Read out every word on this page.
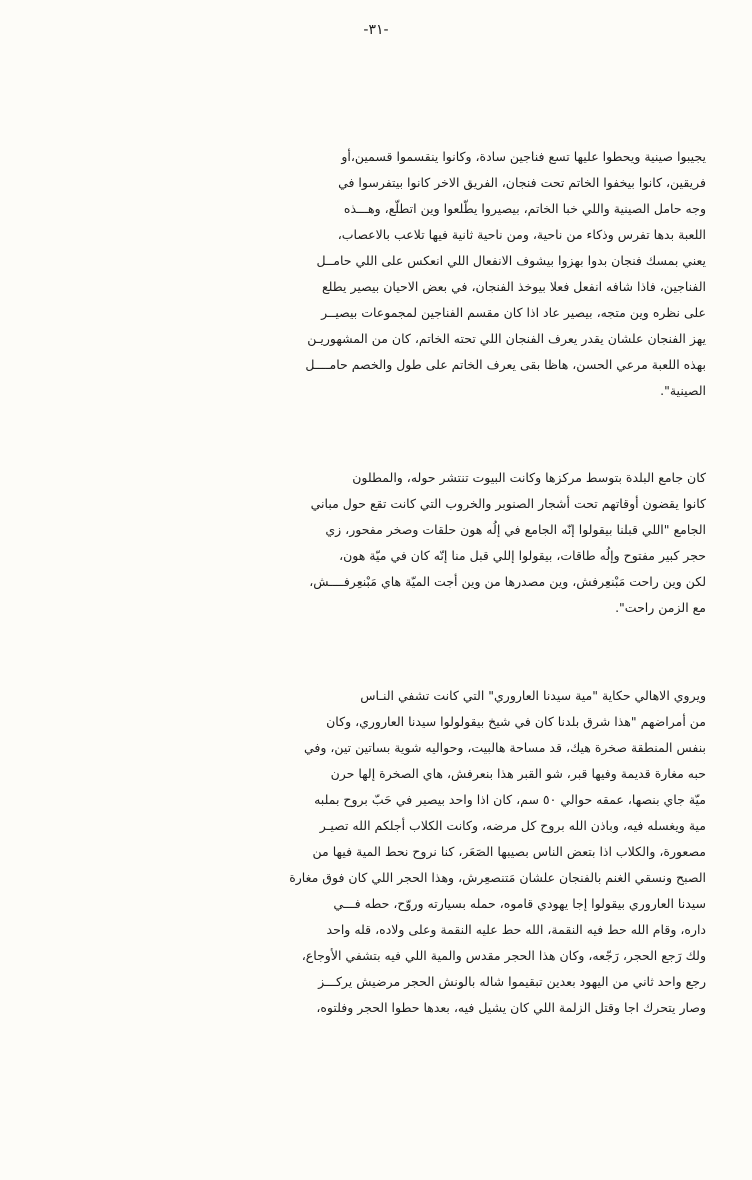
-٣١-
يجيبوا صينية ويحطوا عليها تسع فناجين سادة، وكانوا ينقسموا قسمين،أو
فريقين، كانوا بيخفوا الخاتم تحت فنجان، الفريق الاخر كانوا بيتفرسوا في
وجه حامل الصينية واللي خبا الخاتم، بيصيروا يطّلعوا وين اتطلّع، وهـــذه
اللعبة بدها تفرس وذكاء من ناحية، ومن ناحية ثانية فيها تلاعب بالاعصاب،
يعني بمسك فنجان بدوا بهزوا بيشوف الانفعال اللي انعكس على اللي حامــل
الفناجين، فاذا شافه انفعل فعلا بيوخذ الفنجان، في بعض الاحيان بيصير يطلع
على نظره وين متجه، بيصير عاد اذا كان مقسم الفناجين لمجموعات بيصيــر
يهز الفنجان علشان يقدر يعرف الفنجان اللي تحته الخاتم، كان من المشهوريـن
بهذه اللعبة مرعي الحسن، هاظا بقى يعرف الخاتم على طول والخصم حامــــل
الصينية".
كان جامع البلدة بتوسط مركزها وكانت البيوت تنتشر حوله، والمطلون
كانوا يقضون أوقاتهم تحت أشجار الصنوبر والخروب التي كانت تقع حول مباني
الجامع "اللي قبلنا بيقولوا إنّه الجامع في إلُه هون حلقات وصخر مفحور، زي
حجر كبير مفتوح وإلُه طاقات، بيقولوا إللي قبل منا إنّه كان في ميّة هون،
لكن وين راحت مَبْنعِرفش، وين مصدرها من وين أجت الميّة هاي مَبْنعِرفــــش،
مع الزمن راحت".
ويروي الاهالي حكاية "مية سيدنا العاروري" التي كانت تشفي النـاس
من أمراضهم "هذا شرق بلدنا كان في شيخ بيقولولوا سيدنا العاروري، وكان
بنفس المنطقة صخرة هيك، قد مساحة هالبيت، وحواليه شوية بساتين تين، وفي
حبه مغارة قديمة وفيها قبر، شو القبر هذا بنعرفش، هاي الصخرة إلها حرن
ميّة جاي بنصها، عمقه حوالي ٥٠ سم، كان اذا واحد بيصير في حَبّ بروح بملبه
مية ويغسله فيه، وباذن الله بروح كل مرضه، وكانت الكلاب أجلكم الله تصيـر
مصعورة، والكلاب اذا بتعض الناس بصيبها الصَعَر، كنا نروح نحط المية فيها من
الصبح ونسقي الغنم بالفنجان علشان مَتنصعِرش، وهذا الحجر اللي كان فوق مغارة
سيدنا العاروري بيقولوا إجا يهودي قاموه، حمله بسيارته وروّح، حطه فـــي
داره، وقام الله حط فيه النقمة، الله حط عليه النقمة وعلى ولاده، قله واحد
ولك رَجع الحجر، رَجّعه، وكان هذا الحجر مقدس والمية اللي فيه بتشفي الأوجاع،
رجع واحد ثاني من اليهود بعدين تبقيموا شاله بالونش الحجر مرضيش يركـــز
وصار يتحرك اجا وقتل الزلمة اللي كان يشيل فيه، بعدها حطوا الحجر وفلتوه،
